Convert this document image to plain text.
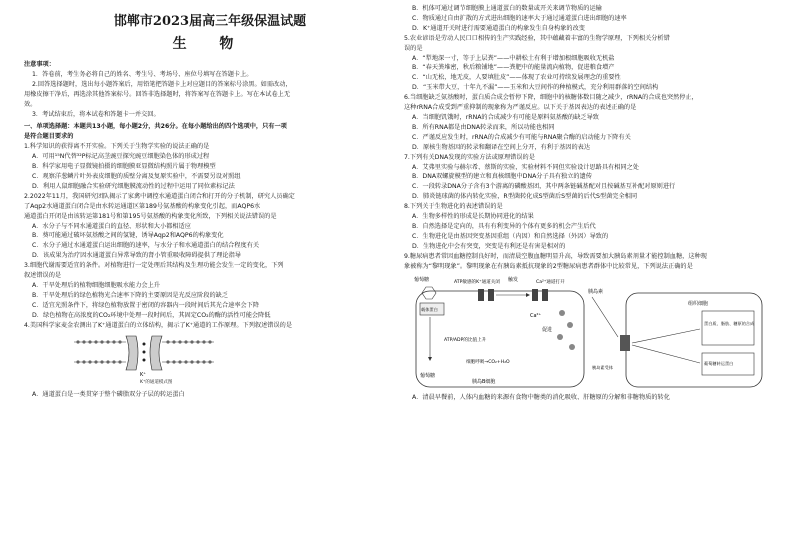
邯郸市2023届高三年级保温试题
生 物

注意事项：

1．答卷前，考生务必将自己的姓名、考生号、考场号、座位号填写在答题卡上。

2.回答选择题时，选出每小题答案后，用铅笔把答题卡上对应题目的答案标号涂黑。如需改动，

用橡皮擦干净后，再选涂其他答案标号。回答非选择题时，将答案写在答题卡上。写在本试卷上无

效。

3．考试结束后，将本试卷和答题卡一并交回。

一、单项选择题：本题共13小题，每小题2分，共26分。在每小题给出的四个选项中，只有一项

是符合题目要求的

1.科学知识的获得离不开实验。下列关于生物学实验的说法正确的是

A．可用¹⁵N代替³²P标记高茎豌豆探究豌豆细胞染色体的形成过程

B．科学家用电子显微镜拍摄的细胞膜亚显微结构照片属于物理模型

C．观察洋葱鳞片叶外表皮细胞的质壁分离及复原实验中，不需要另设对照组

D．利用人鼠细胞融合实验研究细胞膜流动性的过程中运用了同位素标记法

2.2022年11月，我国研究团队揭示了家禽中调控水通道蛋白闭合和打开的分子机制，研究人员确定

了Aqp2水通道蛋白闭合是由水转运通道区第189号氨基酸的构象变化引起，而AQP6水

通道蛋白开闭是由该转运第181号和第195号氨基酸的构象变化所致，下列相关说法错误的是

A．水分子与不同水通道蛋白的直径、形状和大小都相适应

B．葵可能通过破坏氨基酸之间的氢键，诱导Aqp2和AQP6的构象变化

C．水分子通过水通道蛋白运出细胞的速率，与水分子和水通道蛋白的结合程度有关

D．该成果为治疗因水通道蛋白异常导致的肾小管重吸收障碍提供了理论指导

3.细胞代谢需要适宜的条件。对植物进行一定处理后其结构及生理功能会发生一定的变化，下列

叙述错误的是

A．干旱处理后的植物细胞细胞吸水能力会上升

B．干旱处理后的绿色植物光合速率下降的主要原因是光反应阶段的缺乏

C．适宜光照条件下，将绿色植物放置于密闭的容器内一段时间后其光合速率会下降

D．绿色植物在高浓度的CO₂环境中处理一段时间后，其固定CO₂的酶的活性可能会降低

4.美国科学家麦金农测出了K⁺通道蛋白的立体结构，揭示了K⁺通道的工作原理。下列叙述错误的是

K⁺
K⁺的通道模式图

A．通道蛋白是一类贯穿于整个磷脂双分子层的转运蛋白

B．机体可通过调节细胞膜上通道蛋白的数量或开关来调节物质的运输

C．物质通过自由扩散的方式进出细胞的速率大于通过通道蛋白进出细胞的速率

D．K⁺通道开关时进行需要通道蛋白的构象发生自身构象的改变

5.农业谚语是劳动人民口口相传的生产实践经验，其中蕴藏着丰富的生物学原理，下列相关分析错

误的是

A．“犁地深一寸，等于上层粪”——中耕松土有利于增加根细胞吸收无机盐

B．“春天粪堆密，秋后粮铺地”——粪肥中的能量流向植物，促进粮食增产

C．“山无松，地无皮，人要填肚皮”——体现了农业可持续发展理念的重要性

D．“玉米带大豆，十年九不漏”——玉米和大豆间作的种植模式，充分利用群落的空间结构

6.当细胞缺乏氨基酸时，蛋白质合成会暂停下降，细胞中的核糖体数目随之减少，rRNA的合成也突然停止，

这种rRNA合成受到严重抑制的现象称为严谨反应。以下关于基因表达的表述正确的是

A．当细胞饥饿时，rRNA的合成减少有可能是原料氨基酸的缺乏导致

B．所有RNA都是由DNA转录而来，所以功能也相同

C．严谨反应发生时，rRNA的合成减少有可能与RNA聚合酶的启动能力下降有关

D．原核生物基因的转录和翻译在空间上分开，有利于基因的表达

7.下列有关DNA发现的实验方法或原理错误的是

A．艾弗里实验与赫尔希、蔡斯的实验，实验材料不同但实验设计思路具有相同之处

B．DNA双螺旋模型的建立和真核细胞中DNA分子具有独立的遗传

C．一段转录DNA分子含有3个游离的磷酸基团，其中两条链碱基配对且按碱基互补配对原则进行

D．肺炎链球菌的体内转化实验，R型菌转化成S型菌后S型菌的后代S型菌完全相同

8.下列关于生物进化的表述错误的是

A．生物多样性的形成是长期协同进化的结果

B．自然选择是定向的，具有有利变异的个体有更多的机会产生后代

C．生物进化是由基因突变基因重组（内因）和自然选择（外因）导致的

D．生物进化中会有突变，突变是有利还是有害是相对的

9.糖尿病患者常因血糖控制良好时，而清晨空腹血糖明显升高，导致需要加大胰岛素剂量才能控制血糖，这种现

象被称为“黎明现象”。黎明现象在有胰岛素抵抗现象的2型糖尿病患者群体中比较常见，下列说法正确的是

葡萄糖
载体蛋白
ATP敏感的K⁺通道关闭 触发	Ca²⁺通道打开
Ca²⁺
促进
胰岛素
ATP/ADP的比值上升
细胞呼吸→CO₂+H₂O
葡萄糖
胰岛B细胞
组织细胞
蛋白质、脂肪、糖原的合成
葡萄糖转运蛋白
胰岛素受体

A．清晨早餐前，人体内血糖的来源有食物中糖类的消化吸收、肝糖原的分解和非糖物质的转化
